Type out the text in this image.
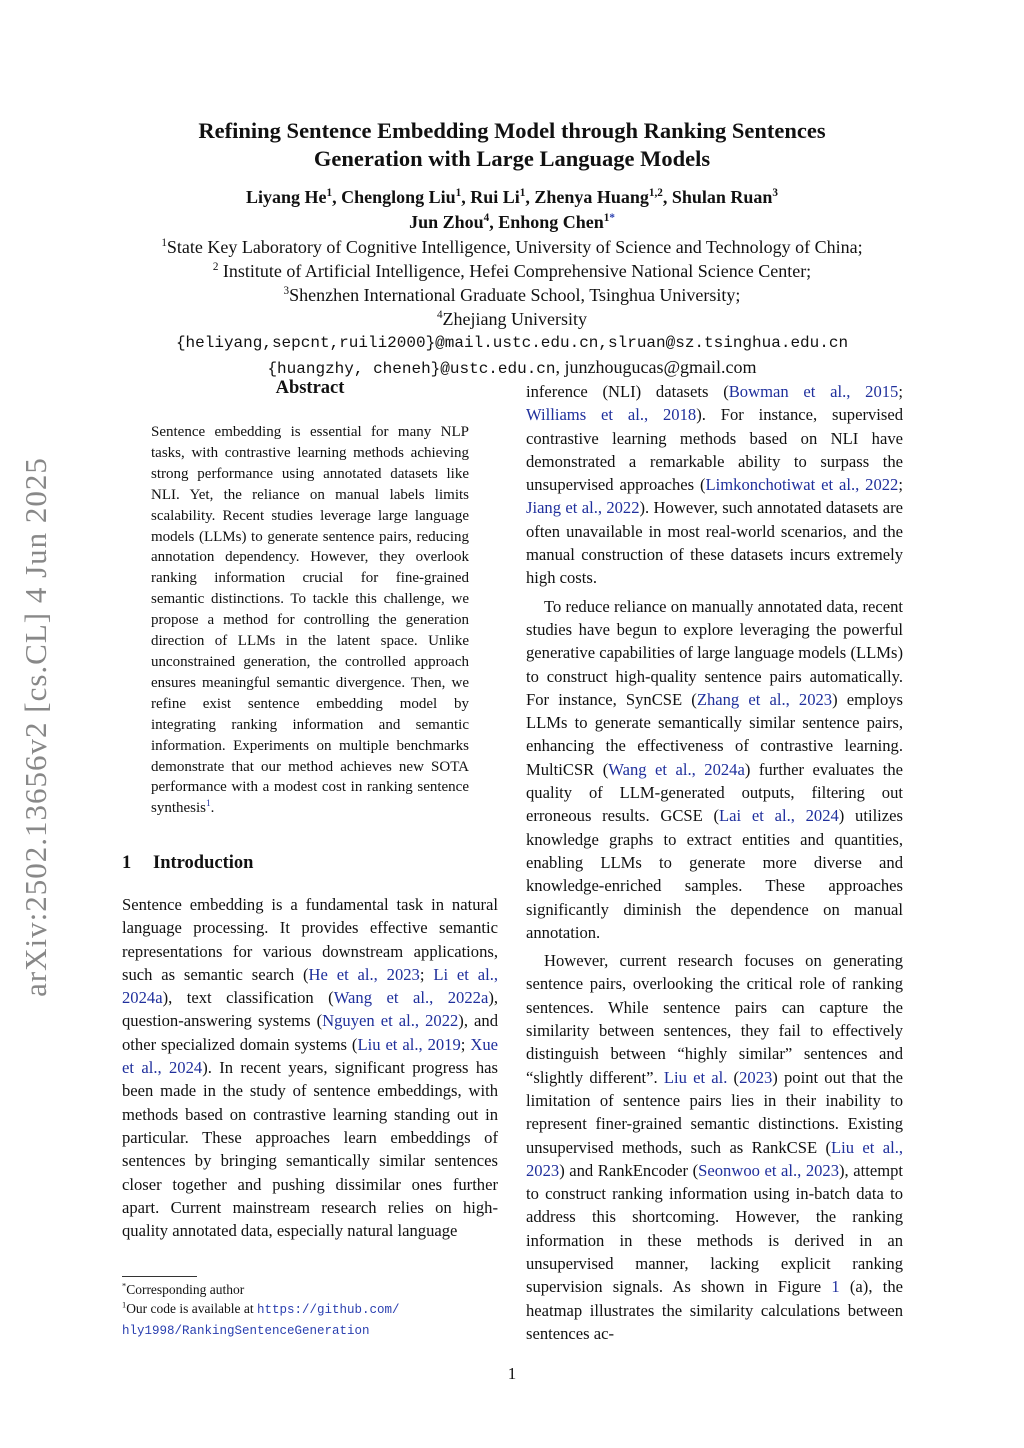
arXiv:2502.13656v2 [cs.CL] 4 Jun 2025
Refining Sentence Embedding Model through Ranking Sentences
Generation with Large Language Models
Liyang He$^1$, Chenglong Liu$^1$, Rui Li$^1$, Zhenya Huang$^{1,2}$, Shulan Ruan$^3$
Jun Zhou$^4$, Enhong Chen$^{1*}$
$^1$State Key Laboratory of Cognitive Intelligence, University of Science and Technology of China;
$^2$ Institute of Artificial Intelligence, Hefei Comprehensive National Science Center;
$^3$Shenzhen International Graduate School, Tsinghua University;
$^4$Zhejiang University
{heliyang,sepcnt,ruili2000}@mail.ustc.edu.cn,slruan@sz.tsinghua.edu.cn
{huangzhy, cheneh}@ustc.edu.cn, junzhougucas@gmail.com
Abstract
Sentence embedding is essential for many NLP tasks, with contrastive learning methods achieving strong performance using annotated datasets like NLI. Yet, the reliance on manual labels limits scalability. Recent studies leverage large language models (LLMs) to generate sentence pairs, reducing annotation dependency. However, they overlook ranking information crucial for fine-grained semantic distinctions. To tackle this challenge, we propose a method for controlling the generation direction of LLMs in the latent space. Unlike unconstrained generation, the controlled approach ensures meaningful semantic divergence. Then, we refine exist sentence embedding model by integrating ranking information and semantic information. Experiments on multiple benchmarks demonstrate that our method achieves new SOTA performance with a modest cost in ranking sentence synthesis$^1$.
1 Introduction

Sentence embedding is a fundamental task in natural language processing. It provides effective semantic representations for various downstream applications, such as semantic search (He et al., 2023; Li et al., 2024a), text classification (Wang et al., 2022a), question-answering systems (Nguyen et al., 2022), and other specialized domain systems (Liu et al., 2019; Xue et al., 2024). In recent years, significant progress has been made in the study of sentence embeddings, with methods based on contrastive learning standing out in particular. These approaches learn embeddings of sentences by bringing semantically similar sentences closer together and pushing dissimilar ones further apart. Current mainstream research relies on high-quality annotated data, especially natural language

inference (NLI) datasets (Bowman et al., 2015; Williams et al., 2018). For instance, supervised contrastive learning methods based on NLI have demonstrated a remarkable ability to surpass the unsupervised approaches (Limkonchotiwat et al., 2022; Jiang et al., 2022). However, such annotated datasets are often unavailable in most real-world scenarios, and the manual construction of these datasets incurs extremely high costs.

To reduce reliance on manually annotated data, recent studies have begun to explore leveraging the powerful generative capabilities of large language models (LLMs) to construct high-quality sentence pairs automatically. For instance, SynCSE (Zhang et al., 2023) employs LLMs to generate semantically similar sentence pairs, enhancing the effectiveness of contrastive learning. MultiCSR (Wang et al., 2024a) further evaluates the quality of LLM-generated outputs, filtering out erroneous results. GCSE (Lai et al., 2024) utilizes knowledge graphs to extract entities and quantities, enabling LLMs to generate more diverse and knowledge-enriched samples. These approaches significantly diminish the dependence on manual annotation.

However, current research focuses on generating sentence pairs, overlooking the critical role of ranking sentences. While sentence pairs can capture the similarity between sentences, they fail to effectively distinguish between “highly similar” sentences and “slightly different”. Liu et al. (2023) point out that the limitation of sentence pairs lies in their inability to represent finer-grained semantic distinctions. Existing unsupervised methods, such as RankCSE (Liu et al., 2023) and RankEncoder (Seonwoo et al., 2023), attempt to construct ranking information using in-batch data to address this shortcoming. However, the ranking information in these methods is derived in an unsupervised manner, lacking explicit ranking supervision signals. As shown in Figure 1 (a), the heatmap illustrates the similarity calculations between sentences ac-

*Corresponding author

$^1$Our code is available at https://github.com/
hly1998/RankingSentenceGeneration

1
